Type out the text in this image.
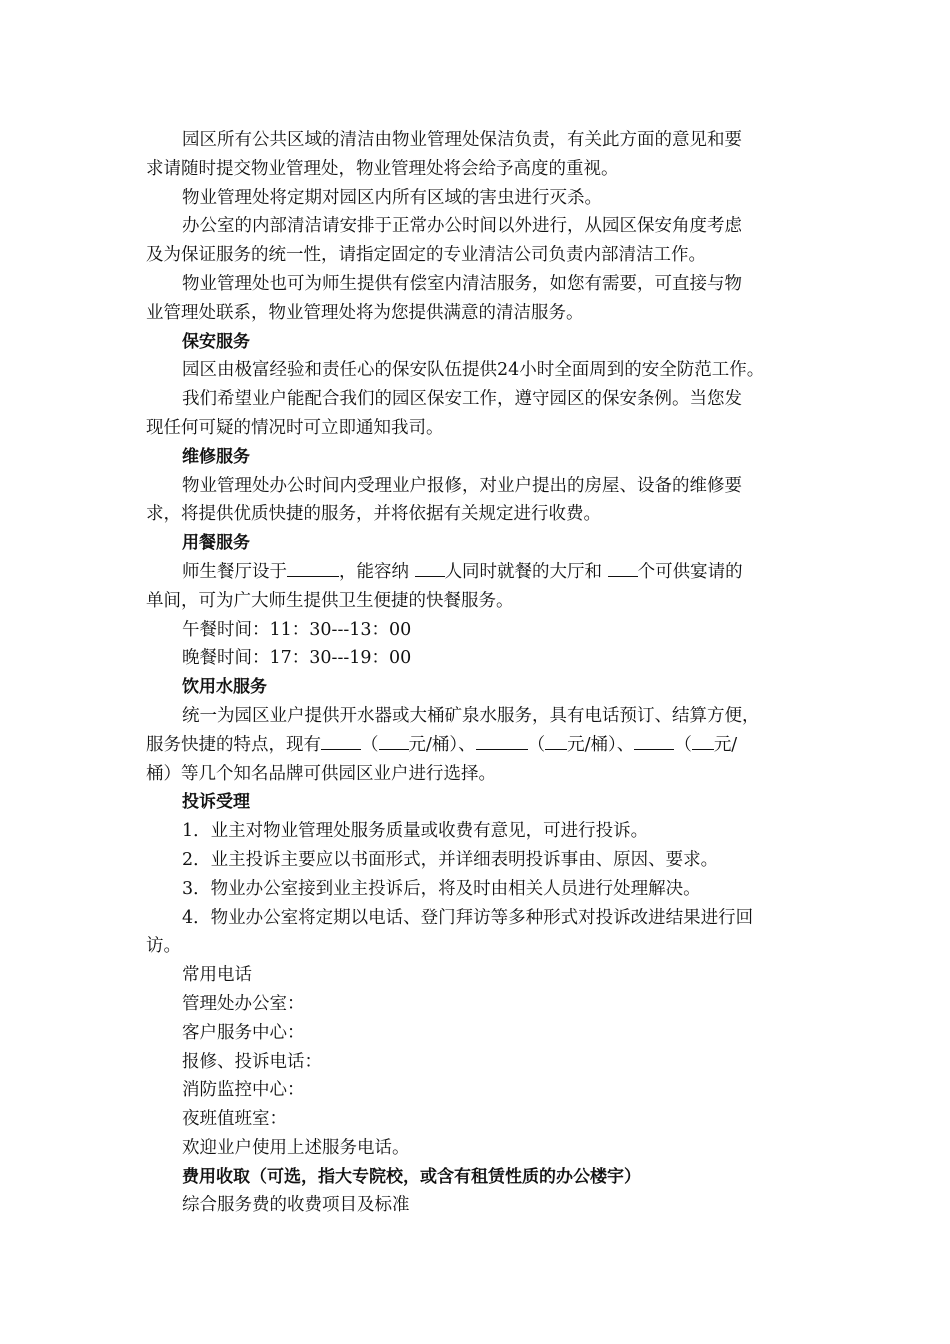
园区所有公共区域的清洁由物业管理处保洁负责，有关此方面的意见和要
求请随时提交物业管理处，物业管理处将会给予高度的重视。

物业管理处将定期对园区内所有区域的害虫进行灭杀。

办公室的内部清洁请安排于正常办公时间以外进行，从园区保安角度考虑
及为保证服务的统一性，请指定固定的专业清洁公司负责内部清洁工作。

物业管理处也可为师生提供有偿室内清洁服务，如您有需要，可直接与物
业管理处联系，物业管理处将为您提供满意的清洁服务。

保安服务

园区由极富经验和责任心的保安队伍提供24小时全面周到的安全防范工作。

我们希望业户能配合我们的园区保安工作，遵守园区的保安条例。当您发
现任何可疑的情况时可立即通知我司。

维修服务

物业管理处办公时间内受理业户报修，对业户提出的房屋、设备的维修要
求，将提供优质快捷的服务，并将依据有关规定进行收费。

用餐服务

师生餐厅设于	，能容纳 人同时就餐的大厅和 个可供宴请的
单间，可为广大师生提供卫生便捷的快餐服务。

午餐时间：11：30---13：00

晚餐时间：17：30---19：00

饮用水服务

统一为园区业户提供开水器或大桶矿泉水服务，具有电话预订、结算方便，
服务快捷的特点，现有 （ 元/桶）、	（ 元/桶）、 （ 元/
桶）等几个知名品牌可供园区业户进行选择。

投诉受理

1．业主对物业管理处服务质量或收费有意见，可进行投诉。

2．业主投诉主要应以书面形式，并详细表明投诉事由、原因、要求。

3．物业办公室接到业主投诉后，将及时由相关人员进行处理解决。

4．物业办公室将定期以电话、登门拜访等多种形式对投诉改进结果进行回
访。

常用电话

管理处办公室：

客户服务中心：

报修、投诉电话：

消防监控中心：

夜班值班室：

欢迎业户使用上述服务电话。

费用收取（可选，指大专院校，或含有租赁性质的办公楼宇）

综合服务费的收费项目及标准
